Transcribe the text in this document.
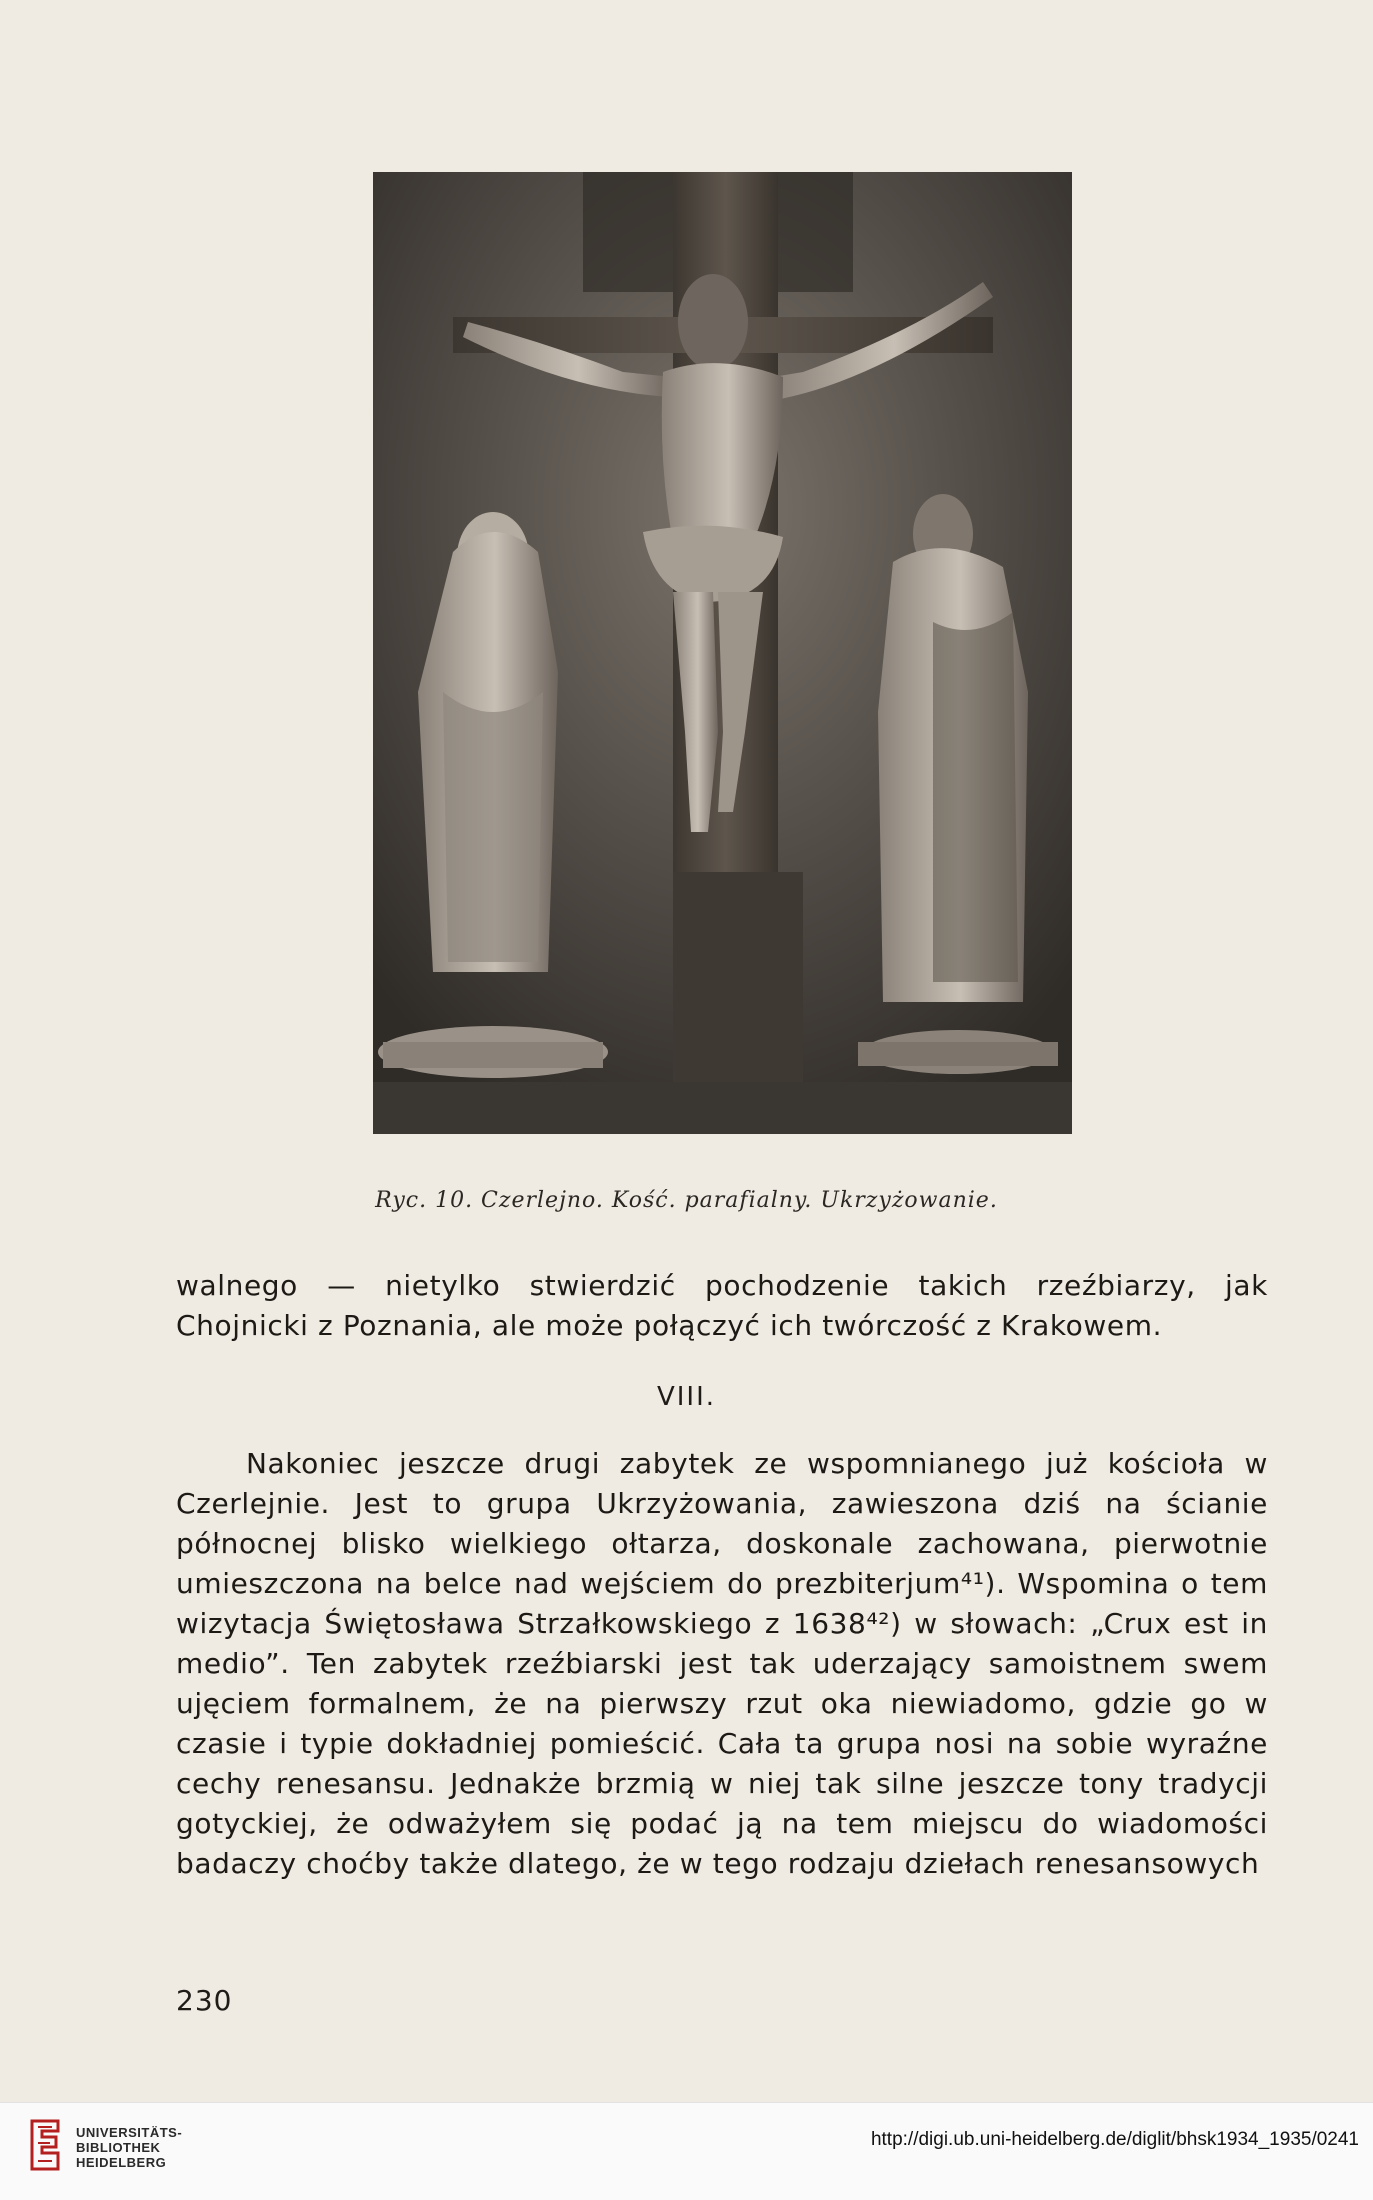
Ryc. 10. Czerlejno. Kość. parafialny. Ukrzyżowanie.

walnego — nietylko stwierdzić pochodzenie takich rzeźbiarzy, jak Chojnicki z Poznania, ale może połączyć ich twórczość z Krakowem.

VIII.

Nakoniec jeszcze drugi zabytek ze wspomnianego już kościoła w Czerlejnie. Jest to grupa Ukrzyżowania, zawieszona dziś na ścianie północnej blisko wielkiego ołtarza, doskonale zachowana, pierwotnie umieszczona na belce nad wejściem do prezbiterjum⁴¹). Wspomina o tem wizytacja Świętosława Strzałkowskiego z 1638⁴²) w słowach: „Crux est in medio”. Ten zabytek rzeźbiarski jest tak uderzający samoistnem swem ujęciem formalnem, że na pierwszy rzut oka niewiadomo, gdzie go w czasie i typie dokładniej pomieścić. Cała ta grupa nosi na sobie wyraźne cechy renesansu. Jednakże brzmią w niej tak silne jeszcze tony tradycji gotyckiej, że odważyłem się podać ją na tem miejscu do wiadomości badaczy choćby także dlatego, że w tego rodzaju dziełach renesansowych

230
UNIVERSITÄTS-
BIBLIOTHEK
HEIDELBERG
http://digi.ub.uni-heidelberg.de/diglit/bhsk1934_1935/0241
